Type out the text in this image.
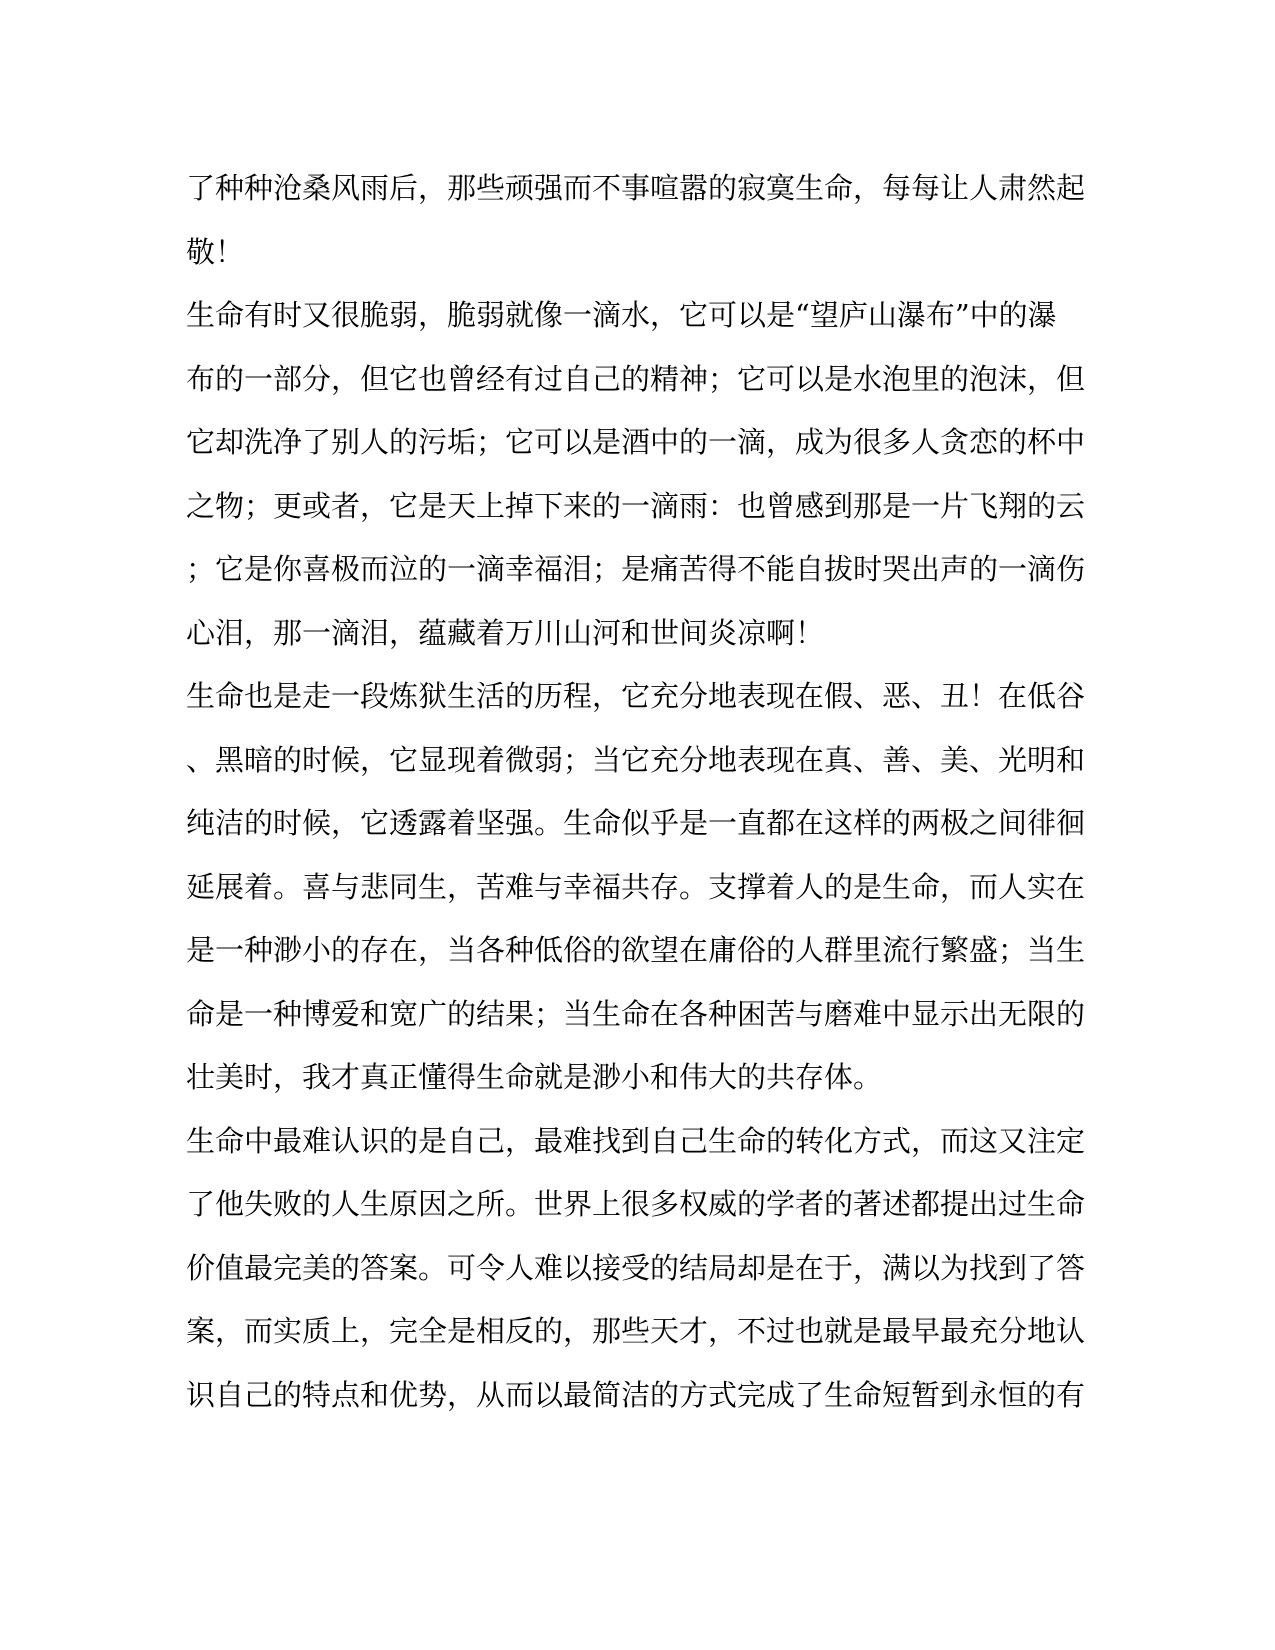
了种种沧桑风雨后，那些顽强而不事喧嚣的寂寞生命，每每让人肃然起
敬！
生命有时又很脆弱，脆弱就像一滴水，它可以是“望庐山瀑布”中的瀑
布的一部分，但它也曾经有过自己的精神；它可以是水泡里的泡沫，但
它却洗净了别人的污垢；它可以是酒中的一滴，成为很多人贪恋的杯中
之物；更或者，它是天上掉下来的一滴雨：也曾感到那是一片飞翔的云
；它是你喜极而泣的一滴幸福泪；是痛苦得不能自拔时哭出声的一滴伤
心泪，那一滴泪，蕴藏着万川山河和世间炎凉啊！
生命也是走一段炼狱生活的历程，它充分地表现在假、恶、丑！在低谷
、黑暗的时候，它显现着微弱；当它充分地表现在真、善、美、光明和
纯洁的时候，它透露着坚强。生命似乎是一直都在这样的两极之间徘徊
延展着。喜与悲同生，苦难与幸福共存。支撑着人的是生命，而人实在
是一种渺小的存在，当各种低俗的欲望在庸俗的人群里流行繁盛；当生
命是一种博爱和宽广的结果；当生命在各种困苦与磨难中显示出无限的
壮美时，我才真正懂得生命就是渺小和伟大的共存体。
生命中最难认识的是自己，最难找到自己生命的转化方式，而这又注定
了他失败的人生原因之所。世界上很多权威的学者的著述都提出过生命
价值最完美的答案。可令人难以接受的结局却是在于，满以为找到了答
案，而实质上，完全是相反的，那些天才，不过也就是最早最充分地认
识自己的特点和优势，从而以最简洁的方式完成了生命短暂到永恒的有
